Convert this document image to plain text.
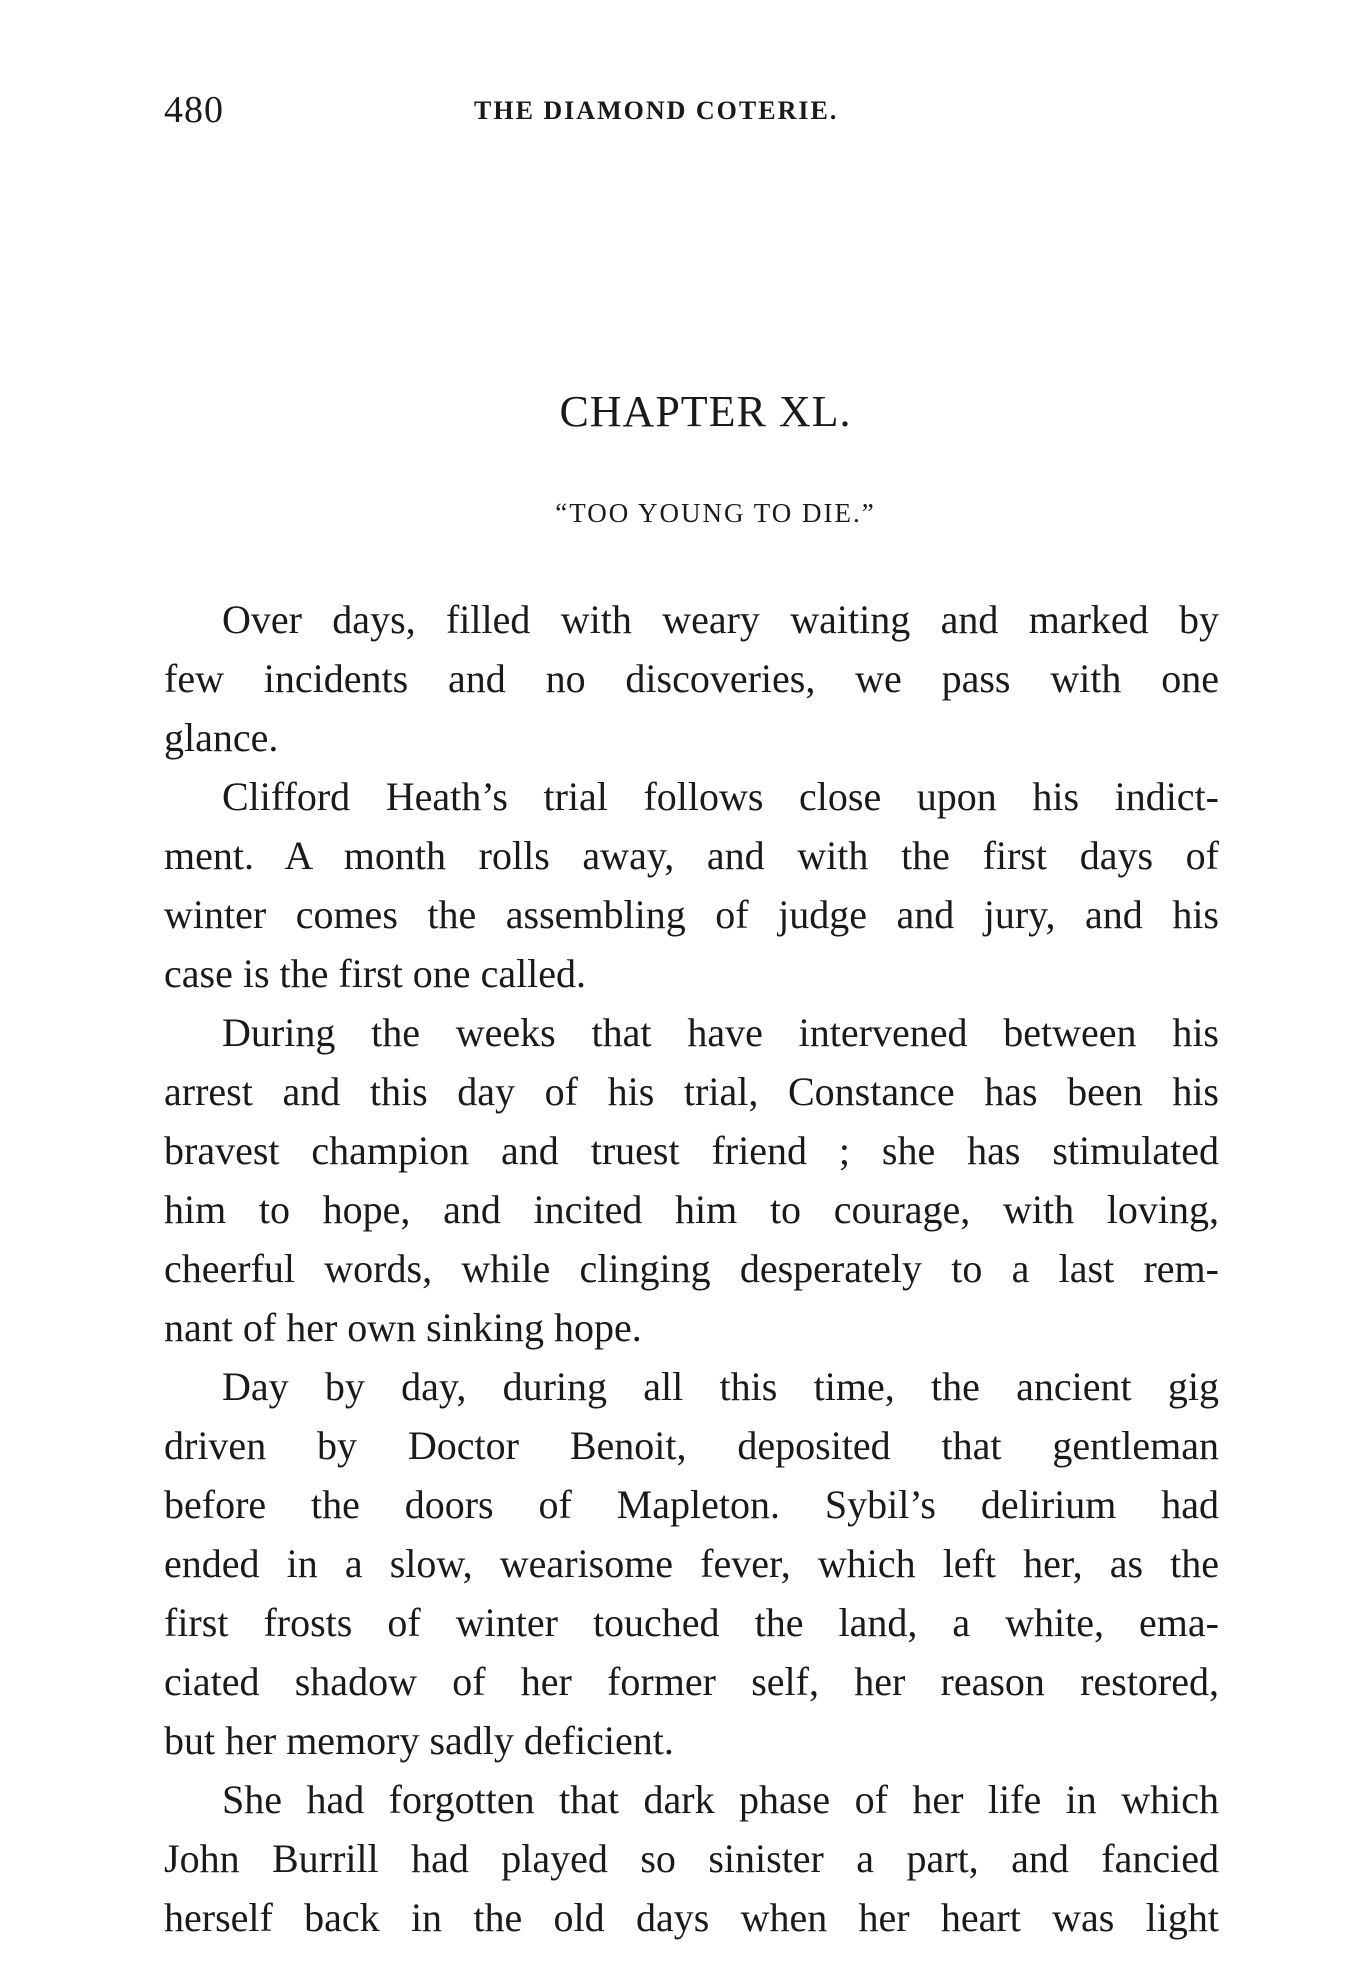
480	THE DIAMOND COTERIE.
CHAPTER XL.
“TOO YOUNG TO DIE.”
Over days, filled with weary waiting and marked by
few incidents and no discoveries, we pass with one
glance.
Clifford Heath’s trial follows close upon his indict-
ment. A month rolls away, and with the first days of
winter comes the assembling of judge and jury, and his
case is the first one called.
During the weeks that have intervened between his
arrest and this day of his trial, Constance has been his
bravest champion and truest friend ; she has stimulated
him to hope, and incited him to courage, with loving,
cheerful words, while clinging desperately to a last rem-
nant of her own sinking hope.
Day by day, during all this time, the ancient gig
driven by Doctor Benoit, deposited that gentleman
before the doors of Mapleton. Sybil’s delirium had
ended in a slow, wearisome fever, which left her, as the
first frosts of winter touched the land, a white, ema-
ciated shadow of her former self, her reason restored,
but her memory sadly deficient.
She had forgotten that dark phase of her life in which
John Burrill had played so sinister a part, and fancied
herself back in the old days when her heart was light
